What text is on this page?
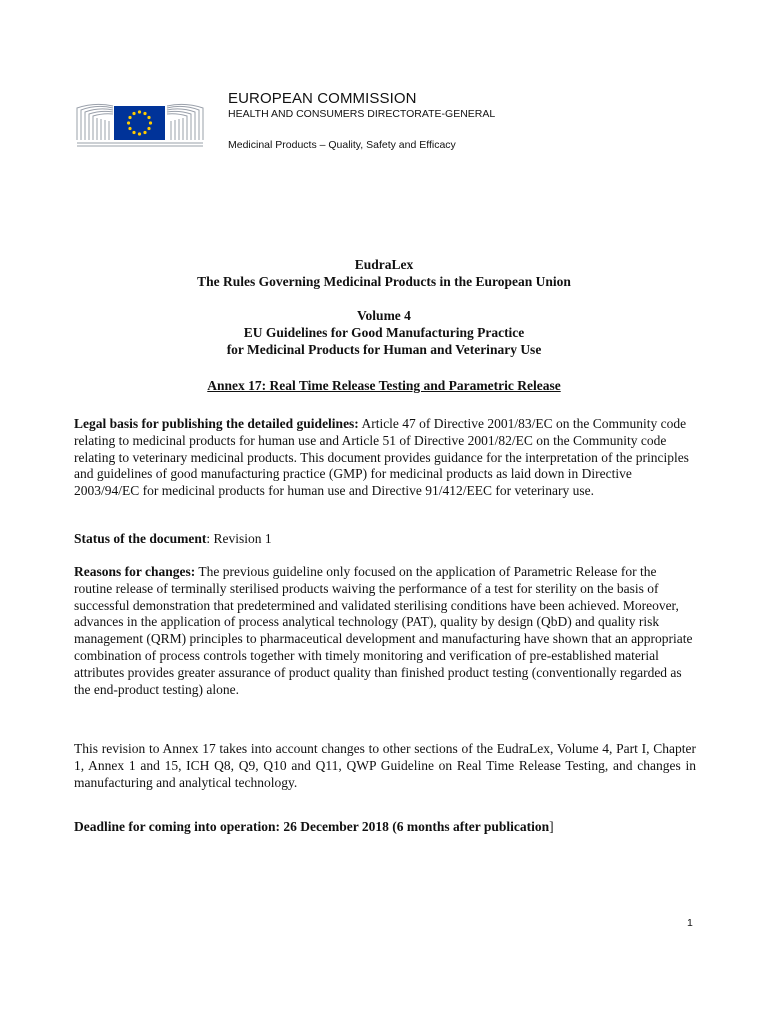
EUROPEAN COMMISSION
HEALTH AND CONSUMERS DIRECTORATE-GENERAL
Medicinal Products – Quality, Safety and Efficacy
EudraLex
The Rules Governing Medicinal Products in the European Union
Volume 4
EU Guidelines for Good Manufacturing Practice
for Medicinal Products for Human and Veterinary Use
Annex 17: Real Time Release Testing and Parametric Release
Legal basis for publishing the detailed guidelines: Article 47 of Directive 2001/83/EC on the Community code relating to medicinal products for human use and Article 51 of Directive 2001/82/EC on the Community code relating to veterinary medicinal products. This document provides guidance for the interpretation of the principles and guidelines of good manufacturing practice (GMP) for medicinal products as laid down in Directive 2003/94/EC for medicinal products for human use and Directive 91/412/EEC for veterinary use.
Status of the document: Revision 1
Reasons for changes: The previous guideline only focused on the application of Parametric Release for the routine release of terminally sterilised products waiving the performance of a test for sterility on the basis of successful demonstration that predetermined and validated sterilising conditions have been achieved. Moreover, advances in the application of process analytical technology (PAT), quality by design (QbD) and quality risk management (QRM) principles to pharmaceutical development and manufacturing have shown that an appropriate combination of process controls together with timely monitoring and verification of pre-established material attributes provides greater assurance of product quality than finished product testing (conventionally regarded as the end-product testing) alone.
This revision to Annex 17 takes into account changes to other sections of the EudraLex, Volume 4, Part I, Chapter 1, Annex 1 and 15, ICH Q8, Q9, Q10 and Q11, QWP Guideline on Real Time Release Testing, and changes in manufacturing and analytical technology.
Deadline for coming into operation: 26 December 2018 (6 months after publication]
1
